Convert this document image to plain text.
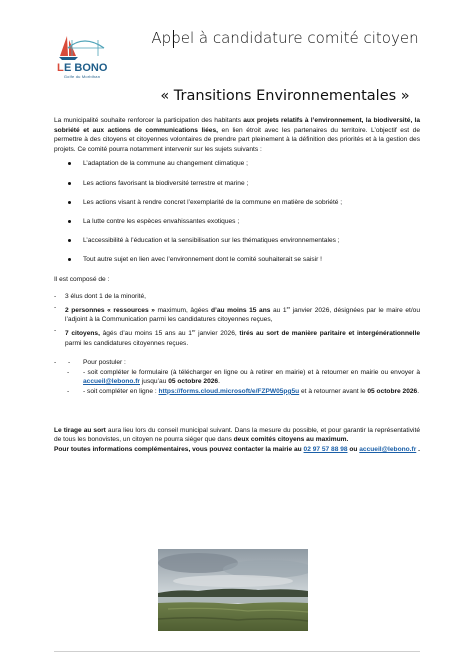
L E BONO
Golfe du Morbihan
Appel à candidature comité citoyen
« Transitions Environnementales »

La municipalité souhaite renforcer la participation des habitants aux projets relatifs à l’environnement, la biodiversité, la sobriété et aux actions de communications liées, en lien étroit avec les partenaires du territoire. L’objectif est de permettre à des citoyens et citoyennes volontaires de prendre part pleinement à la définition des priorités et à la gestion des projets. Ce comité pourra notamment intervenir sur les sujets suivants :

L’adaptation de la commune au changement climatique ;
Les actions favorisant la biodiversité terrestre et marine ;
Les actions visant à rendre concret l’exemplarité de la commune en matière de sobriété ;
La lutte contre les espèces envahissantes exotiques ;
L’accessibilité à l’éducation et la sensibilisation sur les thématiques environnementales ;
Tout autre sujet en lien avec l’environnement dont le comité souhaiterait se saisir !

Il est composé de :

- 3 élus dont 1 de la minorité,
- 2 personnes « ressources » maximum, âgées d’au moins 15 ans au 1er janvier 2026, désignées par le maire et/ou l’adjoint à la Communication parmi les candidatures citoyennes reçues,
- 7 citoyens, âgés d’au moins 15 ans au 1er janvier 2026, tirés au sort de manière paritaire et intergénérationnelle parmi les candidatures citoyennes reçues.
- - Pour postuler :
- - soit compléter le formulaire (à télécharger en ligne ou à retirer en mairie) et à retourner en mairie ou envoyer à accueil@lebono.fr jusqu’au 05 octobre 2026.
- - soit compléter en ligne : https://forms.cloud.microsoft/e/FZPW05pg5u et à retourner avant le 05 octobre 2026.

Le tirage au sort aura lieu lors du conseil municipal suivant. Dans la mesure du possible, et pour garantir la représentativité de tous les bonovistes, un citoyen ne pourra siéger que dans deux comités citoyens au maximum.

Pour toutes informations complémentaires, vous pouvez contacter la mairie au 02 97 57 88 98 ou accueil@lebono.fr .
